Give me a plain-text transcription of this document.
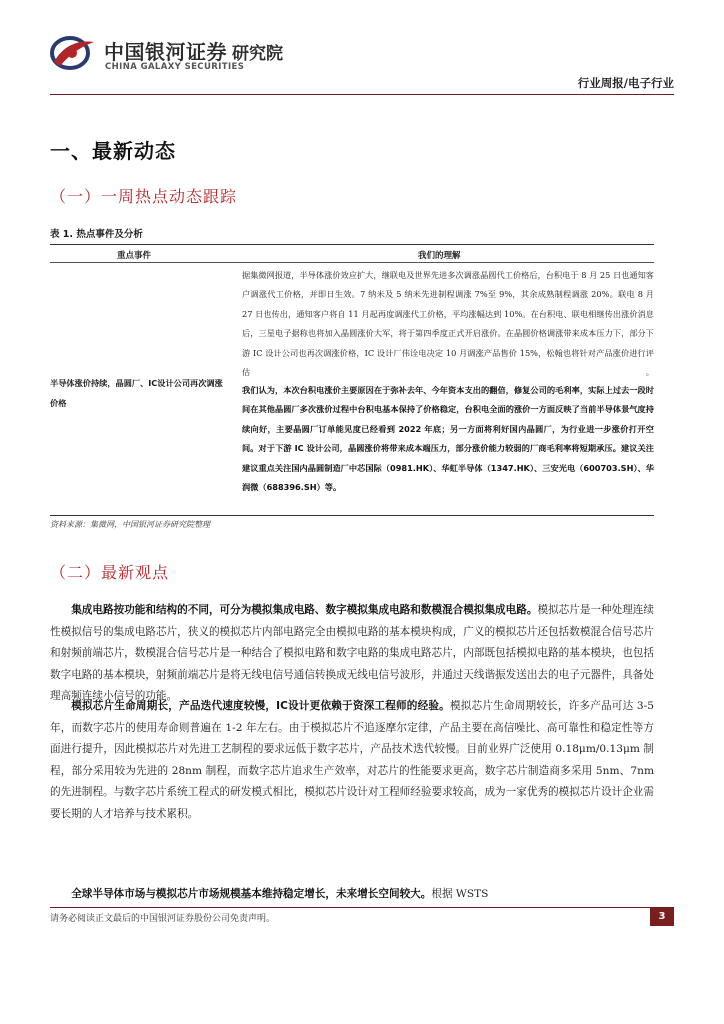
中国银河证券 研究院
CHINA GALAXY SECURITIES
行业周报/电子行业
一、最新动态
（一）一周热点动态跟踪
表 1. 热点事件及分析
重点事件	我们的理解
半导体涨价持续，晶圆厂、IC设计公司再次调涨价格
据集微网报道，半导体涨价效应扩大，继联电及世界先进多次调涨晶圆代工价格后，台积电于 8 月 25 日也通知客户调涨代工价格，并即日生效。7 纳米及 5 纳米先进制程调涨 7%至 9%，其余成熟制程调涨 20%。联电 8 月 27 日也传出，通知客户将自 11 月起再度调涨代工价格，平均涨幅达到 10%。在台积电、联电相继传出涨价消息后，三星电子据称也将加入晶圆涨价大军，将于第四季度正式开启涨价。在晶圆价格调涨带来成本压力下，部分下游 IC 设计公司也再次调涨价格，IC 设计厂伟诠电决定 10 月调涨产品售价 15%，松翰也将针对产品涨价进行评估。
我们认为，本次台积电涨价主要原因在于弥补去年、今年资本支出的翻倍，修复公司的毛利率，实际上过去一段时间在其他晶圆厂多次涨价过程中台积电基本保持了价格稳定，台积电全面的涨价一方面反映了当前半导体景气度持续向好，主要晶圆厂订单能见度已经看到 2022 年底；另一方面将利好国内晶圆厂，为行业进一步涨价打开空间。对于下游 IC 设计公司，晶圆涨价将带来成本端压力，部分涨价能力较弱的厂商毛利率将短期承压。建议关注建议重点关注国内晶圆制造厂中芯国际（0981.HK）、华虹半导体（1347.HK）、三安光电（600703.SH）、华润微（688396.SH）等。
资料来源：集微网，中国银河证券研究院整理
（二）最新观点
集成电路按功能和结构的不同，可分为模拟集成电路、数字模拟集成电路和数模混合模拟集成电路。模拟芯片是一种处理连续性模拟信号的集成电路芯片，狭义的模拟芯片内部电路完全由模拟电路的基本模块构成，广义的模拟芯片还包括数模混合信号芯片和射频前端芯片，数模混合信号芯片是一种结合了模拟电路和数字电路的集成电路芯片，内部既包括模拟电路的基本模块，也包括数字电路的基本模块，射频前端芯片是将无线电信号通信转换成无线电信号波形，并通过天线谐振发送出去的电子元器件，具备处理高频连续小信号的功能。
模拟芯片生命周期长，产品迭代速度较慢，IC设计更依赖于资深工程师的经验。模拟芯片生命周期较长，许多产品可达 3-5 年，而数字芯片的使用寿命则普遍在 1-2 年左右。由于模拟芯片不追逐摩尔定律，产品主要在高信噪比、高可靠性和稳定性等方面进行提升，因此模拟芯片对先进工艺制程的要求远低于数字芯片，产品技术迭代较慢。目前业界广泛使用 0.18μm/0.13μm 制程，部分采用较为先进的 28nm 制程，而数字芯片追求生产效率，对芯片的性能要求更高，数字芯片制造商多采用 5nm、7nm 的先进制程。与数字芯片系统工程式的研发模式相比，模拟芯片设计对工程师经验要求较高，成为一家优秀的模拟芯片设计企业需要长期的人才培养与技术累积。
全球半导体市场与模拟芯片市场规模基本维持稳定增长，未来增长空间较大。根据 WSTS
请务必阅读正文最后的中国银河证券股份公司免责声明。	3
